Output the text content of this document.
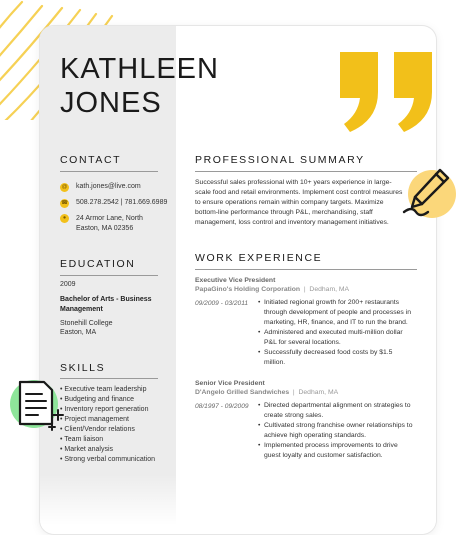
KATHLEEN
JONES
CONTACT
@ kath.jones@live.com
☎ 508.278.2542 | 781.669.6989
●	24 Armor Lane, North
Easton, MA 02356
EDUCATION
2009
Bachelor of Arts - Business
Management
Stonehill College
Easton, MA
SKILLS
• Executive team leadership
• Budgeting and finance
• Inventory report generation
• Project management
• Client/Vendor relations
• Team liaison
• Market analysis
• Strong verbal communication
PROFESSIONAL SUMMARY
Successful sales professional with 10+ years experience in large-scale food and retail environments. Implement cost control measures to ensure operations remain within company targets. Maximize bottom-line performance through P&L, merchandising, staff management, loss control and inventory management initiatives.
WORK EXPERIENCE
Executive Vice President
PapaGino's Holding Corporation  |  Dedham, MA
09/2009 - 03/2011	• Initiated regional growth for 200+ restaurants through development of people and processes in marketing, HR, finance, and IT to run the brand.
• Administered and executed multi-million dollar P&L for several locations.
• Successfully decreased food costs by $1.5 million.
Senior Vice President
D'Angelo Grilled Sandwiches  |  Dedham, MA
08/1997 - 09/2009	• Directed departmental alignment on strategies to create strong sales.
• Cultivated strong franchise owner relationships to achieve high operating standards.
• Implemented process improvements to drive guest loyalty and customer satisfaction.
